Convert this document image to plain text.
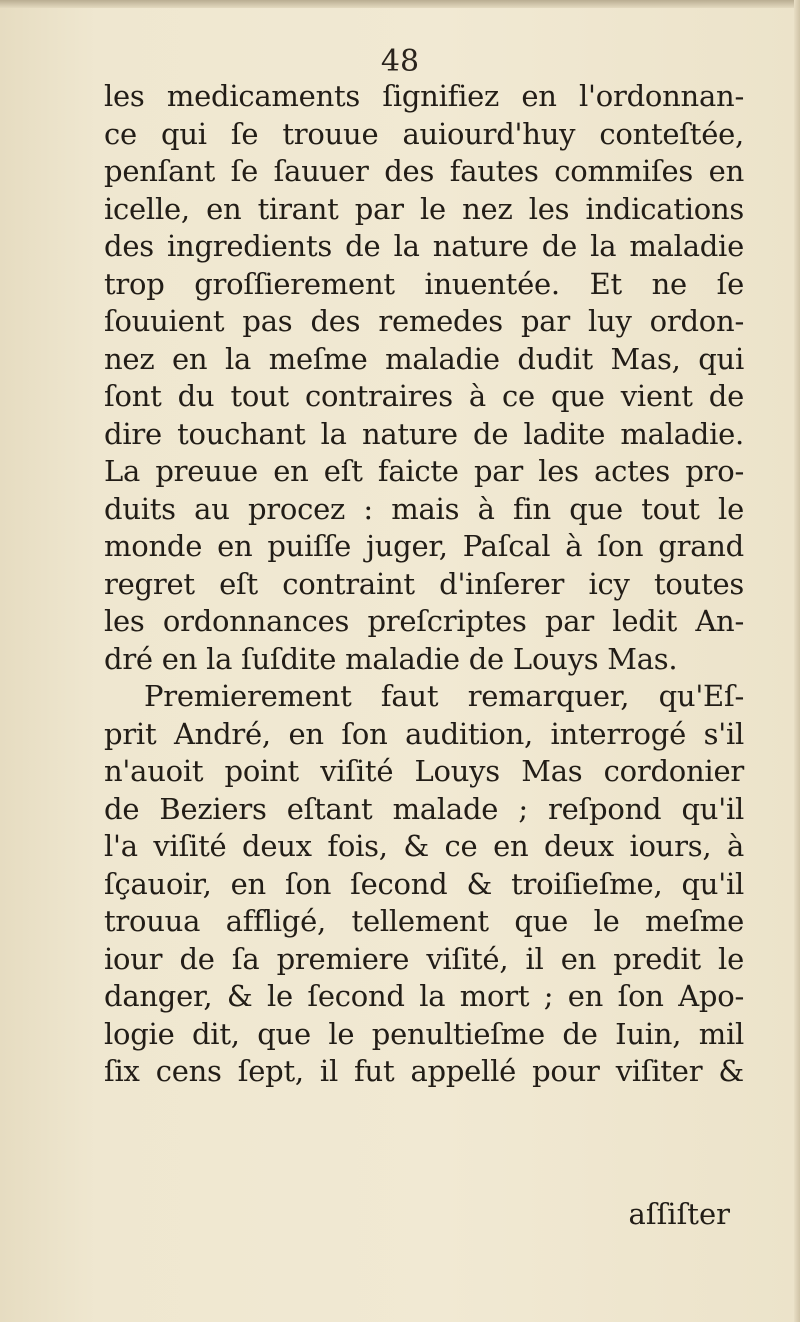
48
les medicaments ſignifiez en l'ordonnan-
ce qui ſe trouue auiourd'huy conteſtée,
penſant ſe ſauuer des fautes commiſes en
icelle, en tirant par le nez les indications
des ingredients de la nature de la maladie
trop groſſierement inuentée. Et ne ſe
ſouuient pas des remedes par luy ordon-
nez en la meſme maladie dudit Mas, qui
ſont du tout contraires à ce que vient de
dire touchant la nature de ladite maladie.
La preuue en eſt faicte par les actes pro-
duits au procez : mais à fin que tout le
monde en puiſſe juger, Paſcal à ſon grand
regret eſt contraint d'inſerer icy toutes
les ordonnances preſcriptes par ledit An-
dré en la ſuſdite maladie de Louys Mas.
Premierement faut remarquer, qu'Eſ-
prit André, en ſon audition, interrogé s'il
n'auoit point viſité Louys Mas cordonier
de Beziers eſtant malade ; reſpond qu'il
l'a viſité deux fois, & ce en deux iours, à
ſçauoir, en ſon ſecond & troiſieſme, qu'il
trouua affligé, tellement que le meſme
iour de ſa premiere viſité, il en predit le
danger, & le ſecond la mort ; en ſon Apo-
logie dit, que le penultieſme de Iuin, mil
ſix cens ſept, il fut appellé pour viſiter &
aſſiſter
